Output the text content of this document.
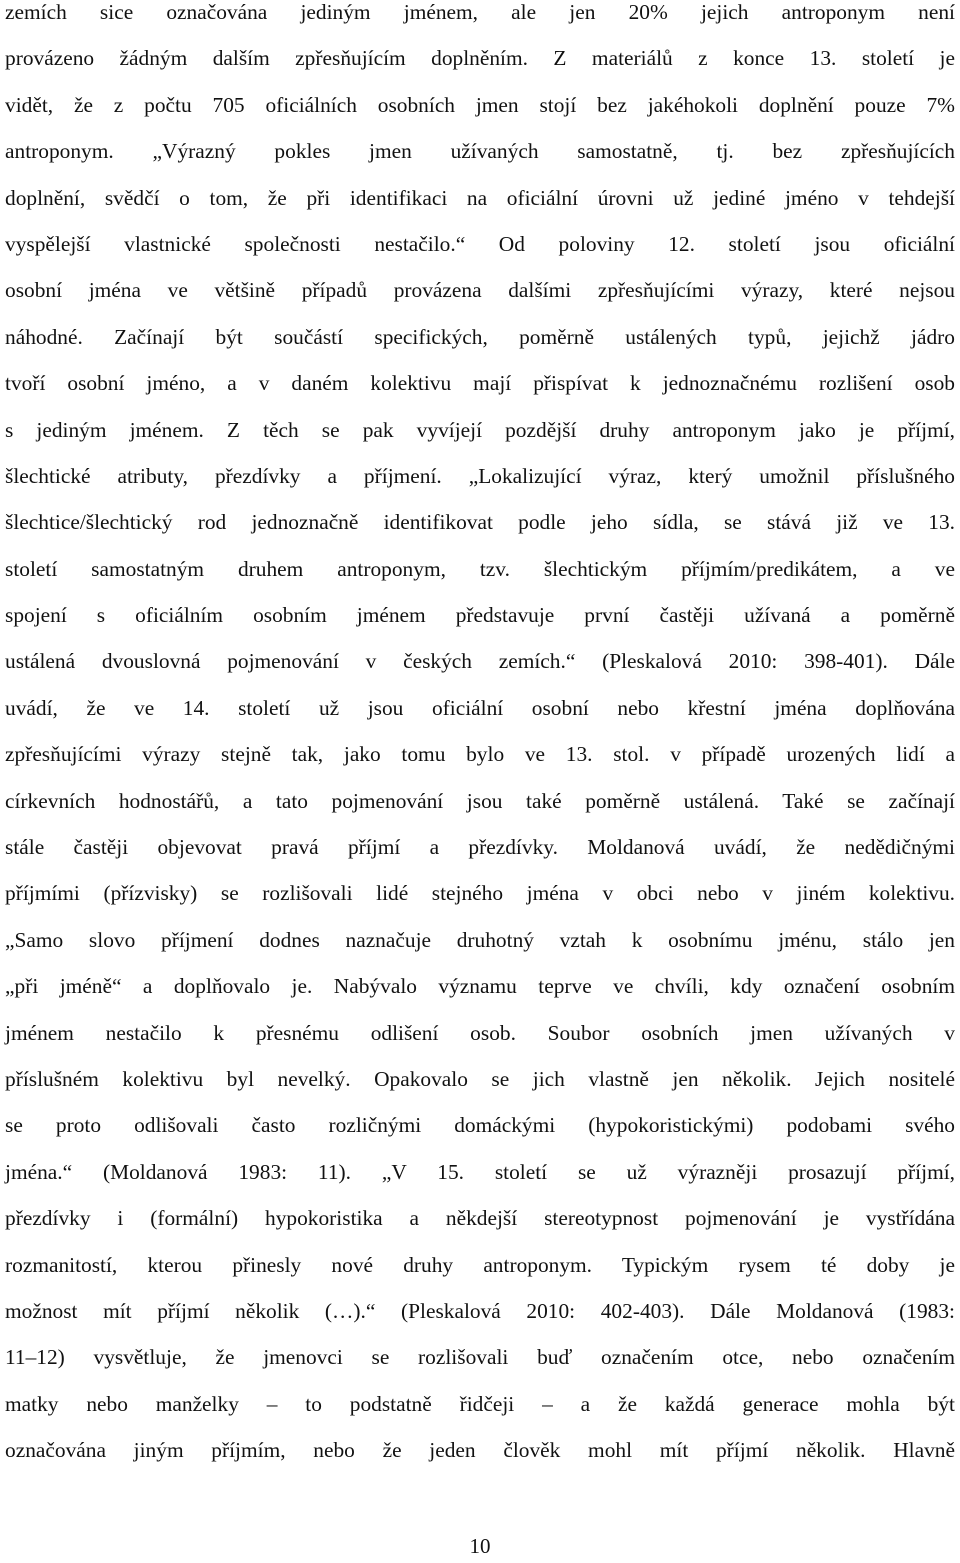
zemích sice označována jediným jménem, ale jen 20% jejich antroponym není
provázeno žádným dalším zpřesňujícím doplněním. Z materiálů z konce 13. století je
vidět, že z počtu 705 oficiálních osobních jmen stojí bez jakéhokoli doplnění pouze 7%
antroponym. „Výrazný pokles jmen užívaných samostatně, tj. bez zpřesňujících
doplnění, svědčí o tom, že při identifikaci na oficiální úrovni už jediné jméno v tehdejší
vyspělejší vlastnické společnosti nestačilo.“ Od poloviny 12. století jsou oficiální
osobní jména ve většině případů provázena dalšími zpřesňujícími výrazy, které nejsou
náhodné. Začínají být součástí specifických, poměrně ustálených typů, jejichž jádro
tvoří osobní jméno, a v daném kolektivu mají přispívat k jednoznačnému rozlišení osob
s jediným jménem. Z těch se pak vyvíjejí pozdější druhy antroponym jako je příjmí,
šlechtické atributy, přezdívky a příjmení. „Lokalizující výraz, který umožnil příslušného
šlechtice/šlechtický rod jednoznačně identifikovat podle jeho sídla, se stává již ve 13.
století samostatným druhem antroponym, tzv. šlechtickým příjmím/predikátem, a ve
spojení s oficiálním osobním jménem představuje první častěji užívaná a poměrně
ustálená dvouslovná pojmenování v českých zemích.“ (Pleskalová 2010: 398-401). Dále
uvádí, že ve 14. století už jsou oficiální osobní nebo křestní jména doplňována
zpřesňujícími výrazy stejně tak, jako tomu bylo ve 13. stol. v případě urozených lidí a
církevních hodnostářů, a tato pojmenování jsou také poměrně ustálená. Také se začínají
stále častěji objevovat pravá příjmí a přezdívky. Moldanová uvádí, že nedědičnými
příjmími (přízvisky) se rozlišovali lidé stejného jména v obci nebo v jiném kolektivu.
„Samo slovo příjmení dodnes naznačuje druhotný vztah k osobnímu jménu, stálo jen
„při jméně“ a doplňovalo je. Nabývalo významu teprve ve chvíli, kdy označení osobním
jménem nestačilo k přesnému odlišení osob. Soubor osobních jmen užívaných v
příslušném kolektivu byl nevelký. Opakovalo se jich vlastně jen několik. Jejich nositelé
se proto odlišovali často rozličnými domáckými (hypokoristickými) podobami svého
jména.“ (Moldanová 1983: 11). „V 15. století se už výrazněji prosazují příjmí,
přezdívky i (formální) hypokoristika a někdejší stereotypnost pojmenování je vystřídána
rozmanitostí, kterou přinesly nové druhy antroponym. Typickým rysem té doby je
možnost mít příjmí několik (…).“ (Pleskalová 2010: 402-403). Dále Moldanová (1983:
11–12) vysvětluje, že jmenovci se rozlišovali buď označením otce, nebo označením
matky nebo manželky – to podstatně řidčeji – a že každá generace mohla být
označována jiným příjmím, nebo že jeden člověk mohl mít příjmí několik. Hlavně
10
